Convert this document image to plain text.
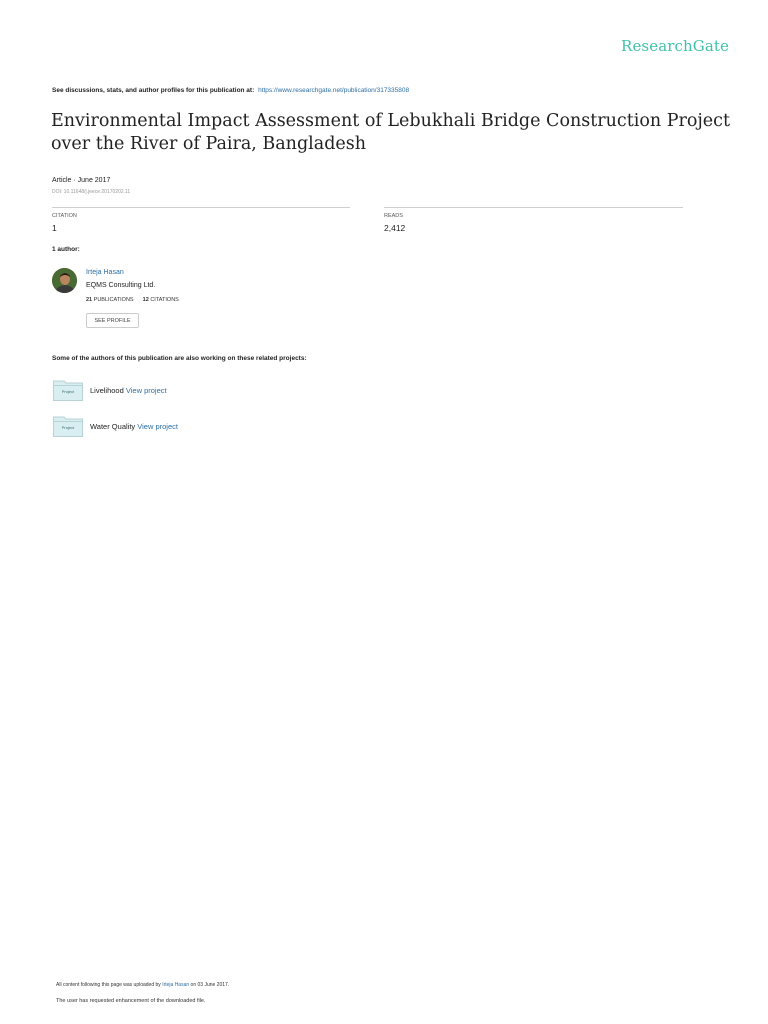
ResearchGate
See discussions, stats, and author profiles for this publication at: https://www.researchgate.net/publication/317335808
Environmental Impact Assessment of Lebukhali Bridge Construction Project over the River of Paira, Bangladesh
Article · June 2017
DOI: 10.11648/j.jeece.20170202.11
CITATION
1
READS
2,412
1 author:
Irteja Hasan
EQMS Consulting Ltd.
21 PUBLICATIONS 12 CITATIONS
SEE PROFILE
Some of the authors of this publication are also working on these related projects:
Project	Livelihood View project
Project	Water Quality View project
All content following this page was uploaded by Irteja Hasan on 03 June 2017.
The user has requested enhancement of the downloaded file.
